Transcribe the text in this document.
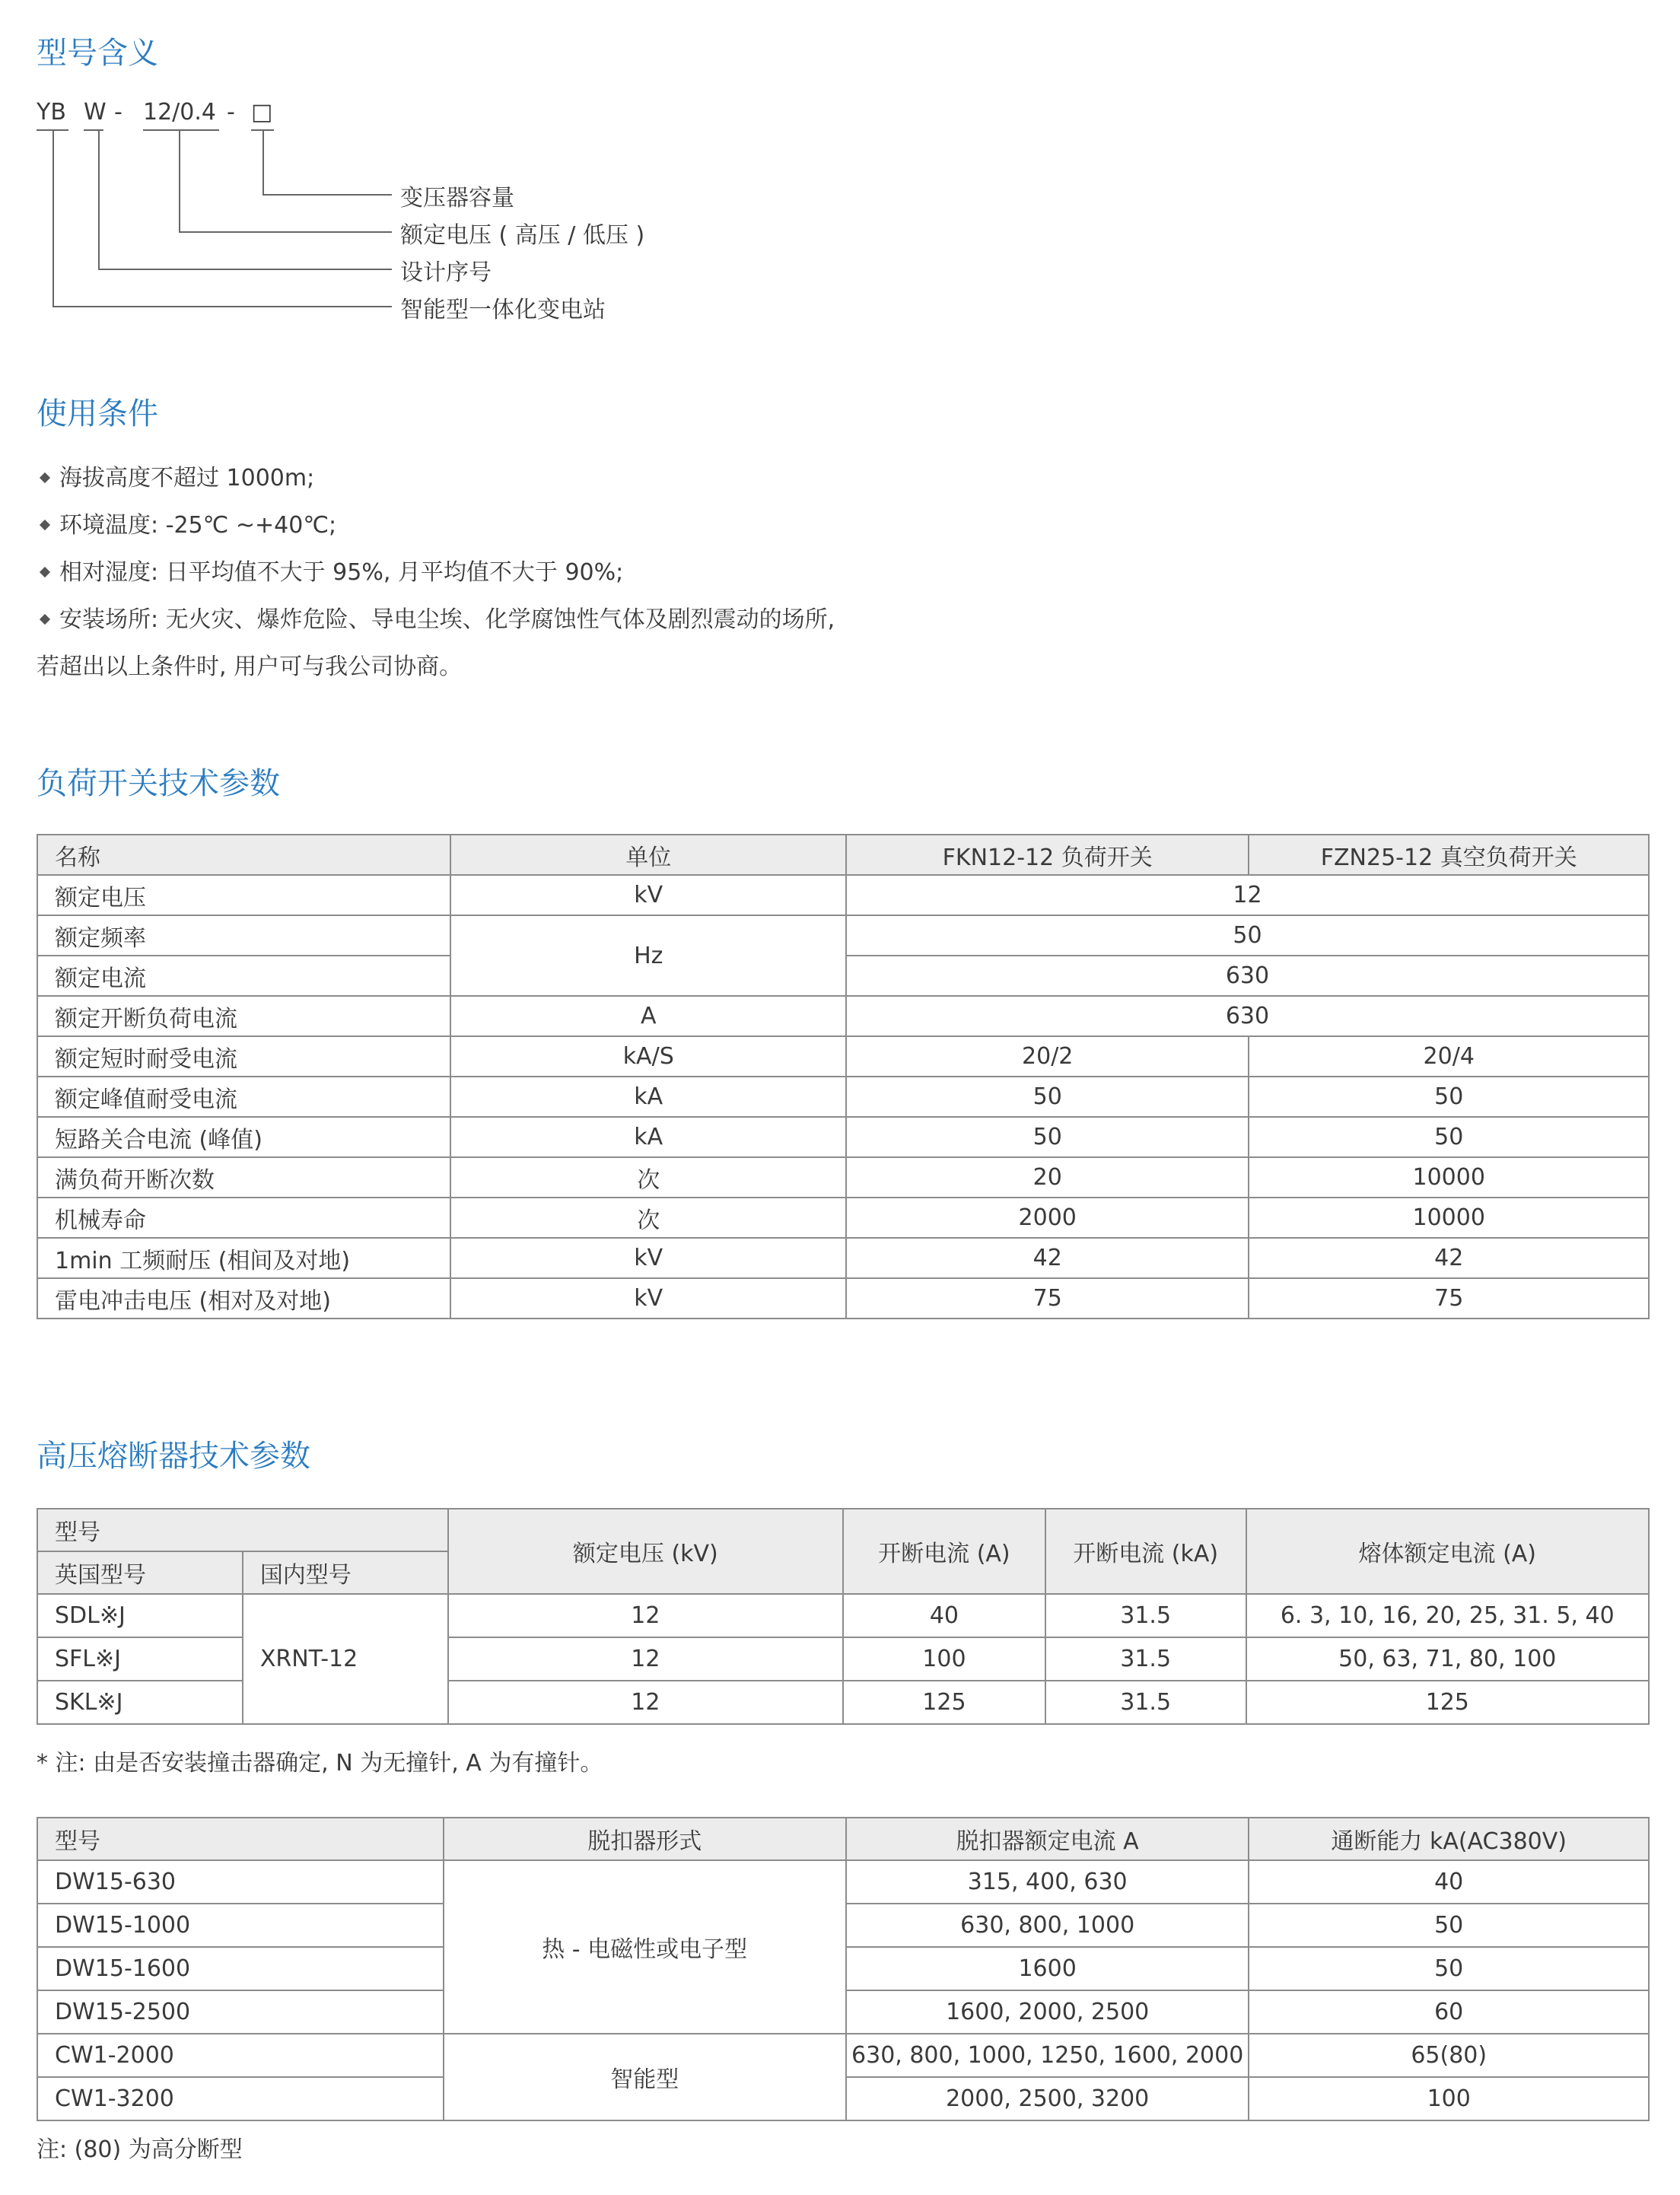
型号含义
YB W - 12/0.4 - □
变压器容量
额定电压 ( 高压 / 低压 )
设计序号
智能型一体化变电站
使用条件
海拔高度不超过 1000m;
环境温度: -25℃ ~+40℃;
相对湿度: 日平均值不大于 95%, 月平均值不大于 90%;
安装场所: 无火灾、爆炸危险、导电尘埃、化学腐蚀性气体及剧烈震动的场所,
若超出以上条件时, 用户可与我公司协商。
负荷开关技术参数
名称	单位	FKN12-12 负荷开关	FZN25-12 真空负荷开关
额定电压	kV	12	
额定频率	Hz	50	
额定电流		630	
额定开断负荷电流	A	630	
额定短时耐受电流	kA/S	20/2	20/4
额定峰值耐受电流	kA	50	50
短路关合电流 (峰值)	kA	50	50
满负荷开断次数	次	20	10000
机械寿命	次	2000	10000
1min 工频耐压 (相间及对地)	kV	42	42
雷电冲击电压 (相对及对地)	kV	75	75
高压熔断器技术参数
型号		额定电压 (kV)	开断电流 (A)	开断电流 (kA)	熔体额定电流 (A)
英国型号	国内型号				
SDL※J	XRNT-12	12	40	31.5	6. 3, 10, 16, 20, 25, 31. 5, 40
SFL※J		12	100	31.5	50, 63, 71, 80, 100
SKL※J		12	125	31.5	125
* 注: 由是否安装撞击器确定, N 为无撞针, A 为有撞针。
型号	脱扣器形式	脱扣器额定电流 A	通断能力 kA(AC380V)
DW15-630	热 - 电磁性或电子型	315, 400, 630	40
DW15-1000		630, 800, 1000	50
DW15-1600		1600	50
DW15-2500		1600, 2000, 2500	60
CW1-2000	智能型	630, 800, 1000, 1250, 1600, 2000	65(80)
CW1-3200		2000, 2500, 3200	100
注: (80) 为高分断型
